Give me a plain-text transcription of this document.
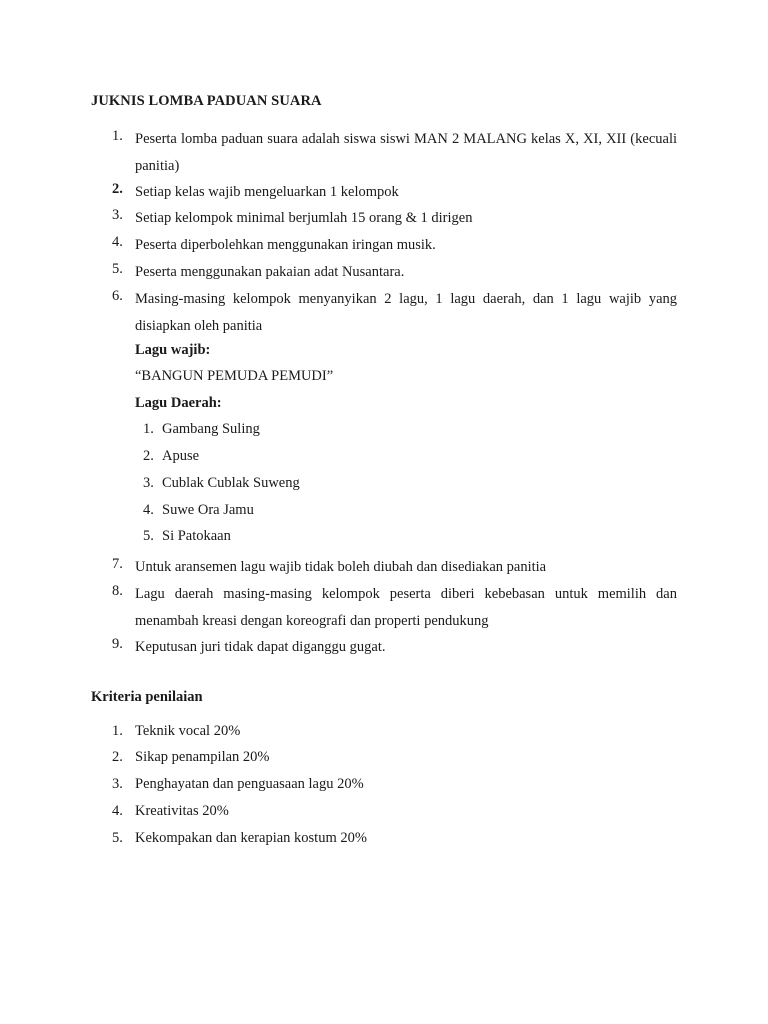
JUKNIS LOMBA PADUAN SUARA
1. Peserta lomba paduan suara adalah siswa siswi MAN 2 MALANG kelas X, XI, XII (kecuali panitia)
2. Setiap kelas wajib mengeluarkan 1 kelompok
3. Setiap kelompok minimal berjumlah 15 orang & 1 dirigen
4. Peserta diperbolehkan menggunakan iringan musik.
5. Peserta menggunakan pakaian adat Nusantara.
6. Masing-masing kelompok menyanyikan 2 lagu, 1 lagu daerah, dan 1 lagu wajib yang disiapkan oleh panitia
Lagu wajib:
“BANGUN PEMUDA PEMUDI”
Lagu Daerah:
1. Gambang Suling
2. Apuse
3. Cublak Cublak Suweng
4. Suwe Ora Jamu
5. Si Patokaan
7. Untuk aransemen lagu wajib tidak boleh diubah dan disediakan panitia
8. Lagu daerah masing-masing kelompok peserta diberi kebebasan untuk memilih dan menambah kreasi dengan koreografi dan properti pendukung
9. Keputusan juri tidak dapat diganggu gugat.
Kriteria penilaian
1. Teknik vocal 20%
2. Sikap penampilan 20%
3. Penghayatan dan penguasaan lagu 20%
4. Kreativitas 20%
5. Kekompakan dan kerapian kostum 20%
